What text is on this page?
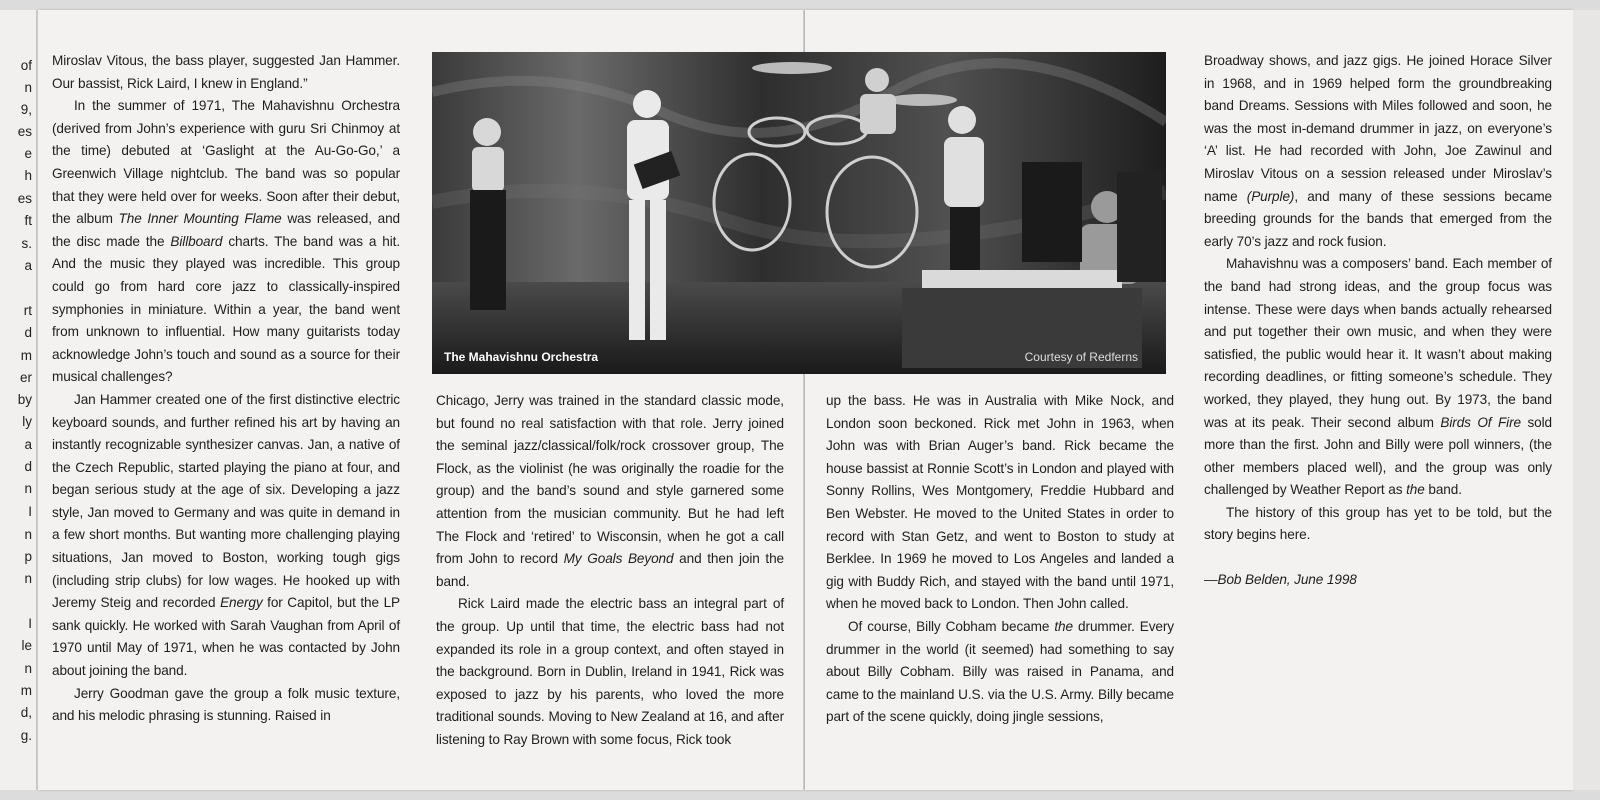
of
n
9,
es
e
h
es
ft
s.
a
rt
d
m
er
by
ly
a
d
n
I
n
p
n
I
le
n
m
d,
g.

Miroslav Vitous, the bass player, suggested Jan Hammer. Our bassist, Rick Laird, I knew in England.”

In the summer of 1971, The Mahavishnu Orchestra (derived from John’s experience with guru Sri Chinmoy at the time) debuted at ‘Gaslight at the Au-Go-Go,’ a Greenwich Village nightclub. The band was so popular that they were held over for weeks. Soon after their debut, the album The Inner Mounting Flame was released, and the disc made the Billboard charts. The band was a hit. And the music they played was incredible. This group could go from hard core jazz to classically-inspired symphonies in miniature. Within a year, the band went from unknown to influential. How many guitarists today acknowledge John’s touch and sound as a source for their musical challenges?

Jan Hammer created one of the first distinctive electric keyboard sounds, and further refined his art by having an instantly recognizable synthesizer canvas. Jan, a native of the Czech Republic, started playing the piano at four, and began serious study at the age of six. Developing a jazz style, Jan moved to Germany and was quite in demand in a few short months. But wanting more challenging playing situations, Jan moved to Boston, working tough gigs (including strip clubs) for low wages. He hooked up with Jeremy Steig and recorded Energy for Capitol, but the LP sank quickly. He worked with Sarah Vaughan from April of 1970 until May of 1971, when he was contacted by John about joining the band.

Jerry Goodman gave the group a folk music texture, and his melodic phrasing is stunning. Raised in

The Mahavishnu Orchestra	Courtesy of Redferns

Chicago, Jerry was trained in the standard classic mode, but found no real satisfaction with that role. Jerry joined the seminal jazz/classical/folk/rock crossover group, The Flock, as the violinist (he was originally the roadie for the group) and the band’s sound and style garnered some attention from the musician community. But he had left The Flock and ‘retired’ to Wisconsin, when he got a call from John to record My Goals Beyond and then join the band.

Rick Laird made the electric bass an integral part of the group. Up until that time, the electric bass had not expanded its role in a group context, and often stayed in the background. Born in Dublin, Ireland in 1941, Rick was exposed to jazz by his parents, who loved the more traditional sounds. Moving to New Zealand at 16, and after listening to Ray Brown with some focus, Rick took

up the bass. He was in Australia with Mike Nock, and London soon beckoned. Rick met John in 1963, when John was with Brian Auger’s band. Rick became the house bassist at Ronnie Scott’s in London and played with Sonny Rollins, Wes Montgomery, Freddie Hubbard and Ben Webster. He moved to the United States in order to record with Stan Getz, and went to Boston to study at Berklee. In 1969 he moved to Los Angeles and landed a gig with Buddy Rich, and stayed with the band until 1971, when he moved back to London. Then John called.

Of course, Billy Cobham became the drummer. Every drummer in the world (it seemed) had something to say about Billy Cobham. Billy was raised in Panama, and came to the mainland U.S. via the U.S. Army. Billy became part of the scene quickly, doing jingle sessions,

Broadway shows, and jazz gigs. He joined Horace Silver in 1968, and in 1969 helped form the groundbreaking band Dreams. Sessions with Miles followed and soon, he was the most in-demand drummer in jazz, on everyone’s ‘A’ list. He had recorded with John, Joe Zawinul and Miroslav Vitous on a session released under Miroslav’s name (Purple), and many of these sessions became breeding grounds for the bands that emerged from the early 70’s jazz and rock fusion.

Mahavishnu was a composers’ band. Each member of the band had strong ideas, and the group focus was intense. These were days when bands actually rehearsed and put together their own music, and when they were satisfied, the public would hear it. It wasn’t about making recording deadlines, or fitting someone’s schedule. They worked, they played, they hung out. By 1973, the band was at its peak. Their second album Birds Of Fire sold more than the first. John and Billy were poll winners, (the other members placed well), and the group was only challenged by Weather Report as the band.

The history of this group has yet to be told, but the story begins here.

—Bob Belden, June 1998
